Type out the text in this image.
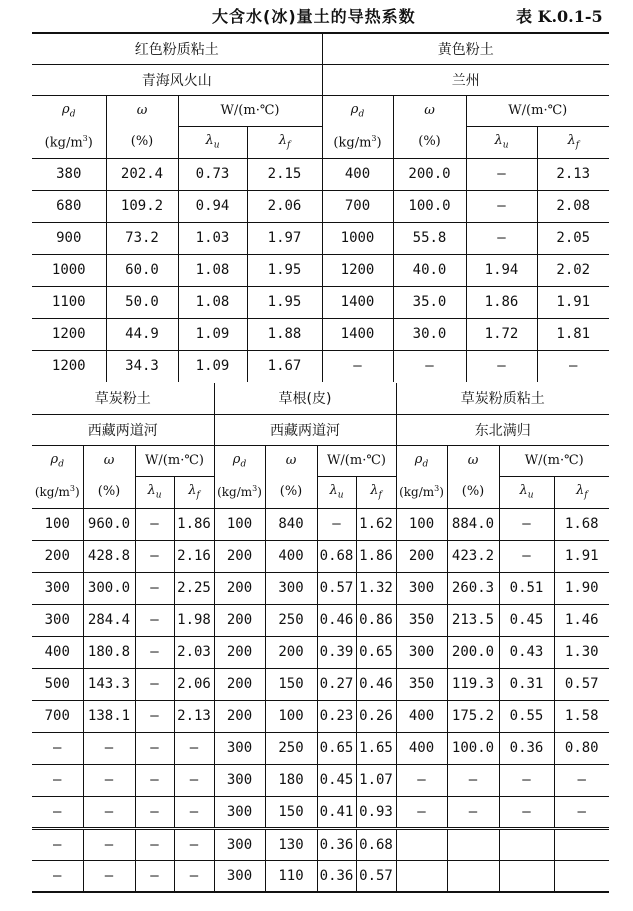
大含水(冰)量土的导热系数	表 K.0.1-5
红色粉质粘土				黄色粉土			
青海风火山				兰州			
$\rho_d$	ω	W/(m·℃)		$\rho_d$	ω	W/(m·℃)	
$(kg/m^3)$	(%)	$\lambda_u$	$\lambda_f$	$(kg/m^3)$	(%)	$\lambda_u$	$\lambda_f$
380	202.4	0.73	2.15	400	200.0	—	2.13
680	109.2	0.94	2.06	700	100.0	—	2.08
900	73.2	1.03	1.97	1000	55.8	—	2.05
1000	60.0	1.08	1.95	1200	40.0	1.94	2.02
1100	50.0	1.08	1.95	1400	35.0	1.86	1.91
1200	44.9	1.09	1.88	1400	30.0	1.72	1.81
1200	34.3	1.09	1.67	—	—	—	—
草炭粉土				草根(皮)				草炭粉质粘土			
西藏两道河				西藏两道河				东北满归			
$\rho_d$	ω	W/(m·℃)		$\rho_d$	ω	W/(m·℃)		$\rho_d$	ω	W/(m·℃)	
$(kg/m^3)$	(%)	$\lambda_u$	$\lambda_f$	$(kg/m^3)$	(%)	$\lambda_u$	$\lambda_f$	$(kg/m^3)$	(%)	$\lambda_u$	$\lambda_f$
100	960.0	—	1.86	100	840	—	1.62	100	884.0	—	1.68
200	428.8	—	2.16	200	400	0.68	1.86	200	423.2	—	1.91
300	300.0	—	2.25	200	300	0.57	1.32	300	260.3	0.51	1.90
300	284.4	—	1.98	200	250	0.46	0.86	350	213.5	0.45	1.46
400	180.8	—	2.03	200	200	0.39	0.65	300	200.0	0.43	1.30
500	143.3	—	2.06	200	150	0.27	0.46	350	119.3	0.31	0.57
700	138.1	—	2.13	200	100	0.23	0.26	400	175.2	0.55	1.58
—	—	—	—	300	250	0.65	1.65	400	100.0	0.36	0.80
—	—	—	—	300	180	0.45	1.07	—	—	—	—
—	—	—	—	300	150	0.41	0.93	—	—	—	—
—	—	—	—	300	130	0.36	0.68				
—	—	—	—	300	110	0.36	0.57				
